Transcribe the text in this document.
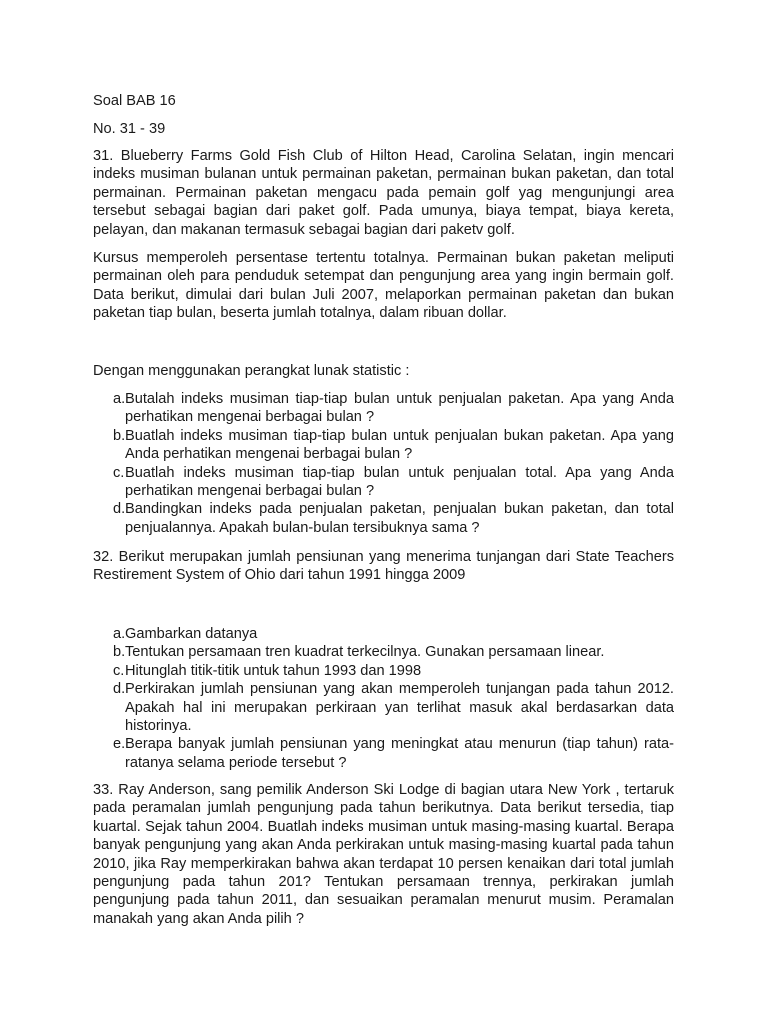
Soal BAB 16

No. 31 - 39

31. Blueberry Farms Gold Fish Club of Hilton Head, Carolina Selatan, ingin mencari indeks musiman bulanan untuk permainan paketan, permainan bukan paketan, dan total permainan. Permainan paketan mengacu pada pemain golf yag mengunjungi area tersebut sebagai bagian dari paket golf. Pada umunya, biaya tempat, biaya kereta, pelayan, dan makanan termasuk sebagai bagian dari paketv golf.

Kursus memperoleh persentase tertentu totalnya. Permainan bukan paketan meliputi permainan oleh para penduduk setempat dan pengunjung area yang ingin bermain golf. Data berikut, dimulai dari bulan Juli 2007, melaporkan permainan paketan dan bukan paketan tiap bulan, beserta jumlah totalnya, dalam ribuan dollar.

Dengan menggunakan perangkat lunak statistic :

a. Butalah indeks musiman tiap-tiap bulan untuk penjualan paketan. Apa yang Anda perhatikan mengenai berbagai bulan ?
b. Buatlah indeks musiman tiap-tiap bulan untuk penjualan bukan paketan. Apa yang Anda perhatikan mengenai berbagai bulan ?
c. Buatlah indeks musiman tiap-tiap bulan untuk penjualan total. Apa yang Anda perhatikan mengenai berbagai bulan ?
d. Bandingkan indeks pada penjualan paketan, penjualan bukan paketan, dan total penjualannya. Apakah bulan-bulan tersibuknya sama ?

32. Berikut merupakan jumlah pensiunan yang menerima tunjangan dari State Teachers Restirement System of Ohio dari tahun 1991 hingga 2009

a. Gambarkan datanya
b. Tentukan persamaan tren kuadrat terkecilnya. Gunakan persamaan linear.
c. Hitunglah titik-titik untuk tahun 1993 dan 1998
d. Perkirakan jumlah pensiunan yang akan memperoleh tunjangan pada tahun 2012. Apakah hal ini merupakan perkiraan yan terlihat masuk akal berdasarkan data historinya.
e. Berapa banyak jumlah pensiunan yang meningkat atau menurun (tiap tahun) rata-ratanya selama periode tersebut ?

33. Ray Anderson, sang pemilik Anderson Ski Lodge di bagian utara New York , tertaruk pada peramalan jumlah pengunjung pada tahun berikutnya. Data berikut tersedia, tiap kuartal. Sejak tahun 2004. Buatlah indeks musiman untuk masing-masing kuartal. Berapa banyak pengunjung yang akan Anda perkirakan untuk masing-masing kuartal pada tahun 2010, jika Ray memperkirakan bahwa akan terdapat 10 persen kenaikan dari total jumlah pengunjung pada tahun 201? Tentukan persamaan trennya, perkirakan jumlah pengunjung pada tahun 2011, dan sesuaikan peramalan menurut musim. Peramalan manakah yang akan Anda pilih ?
